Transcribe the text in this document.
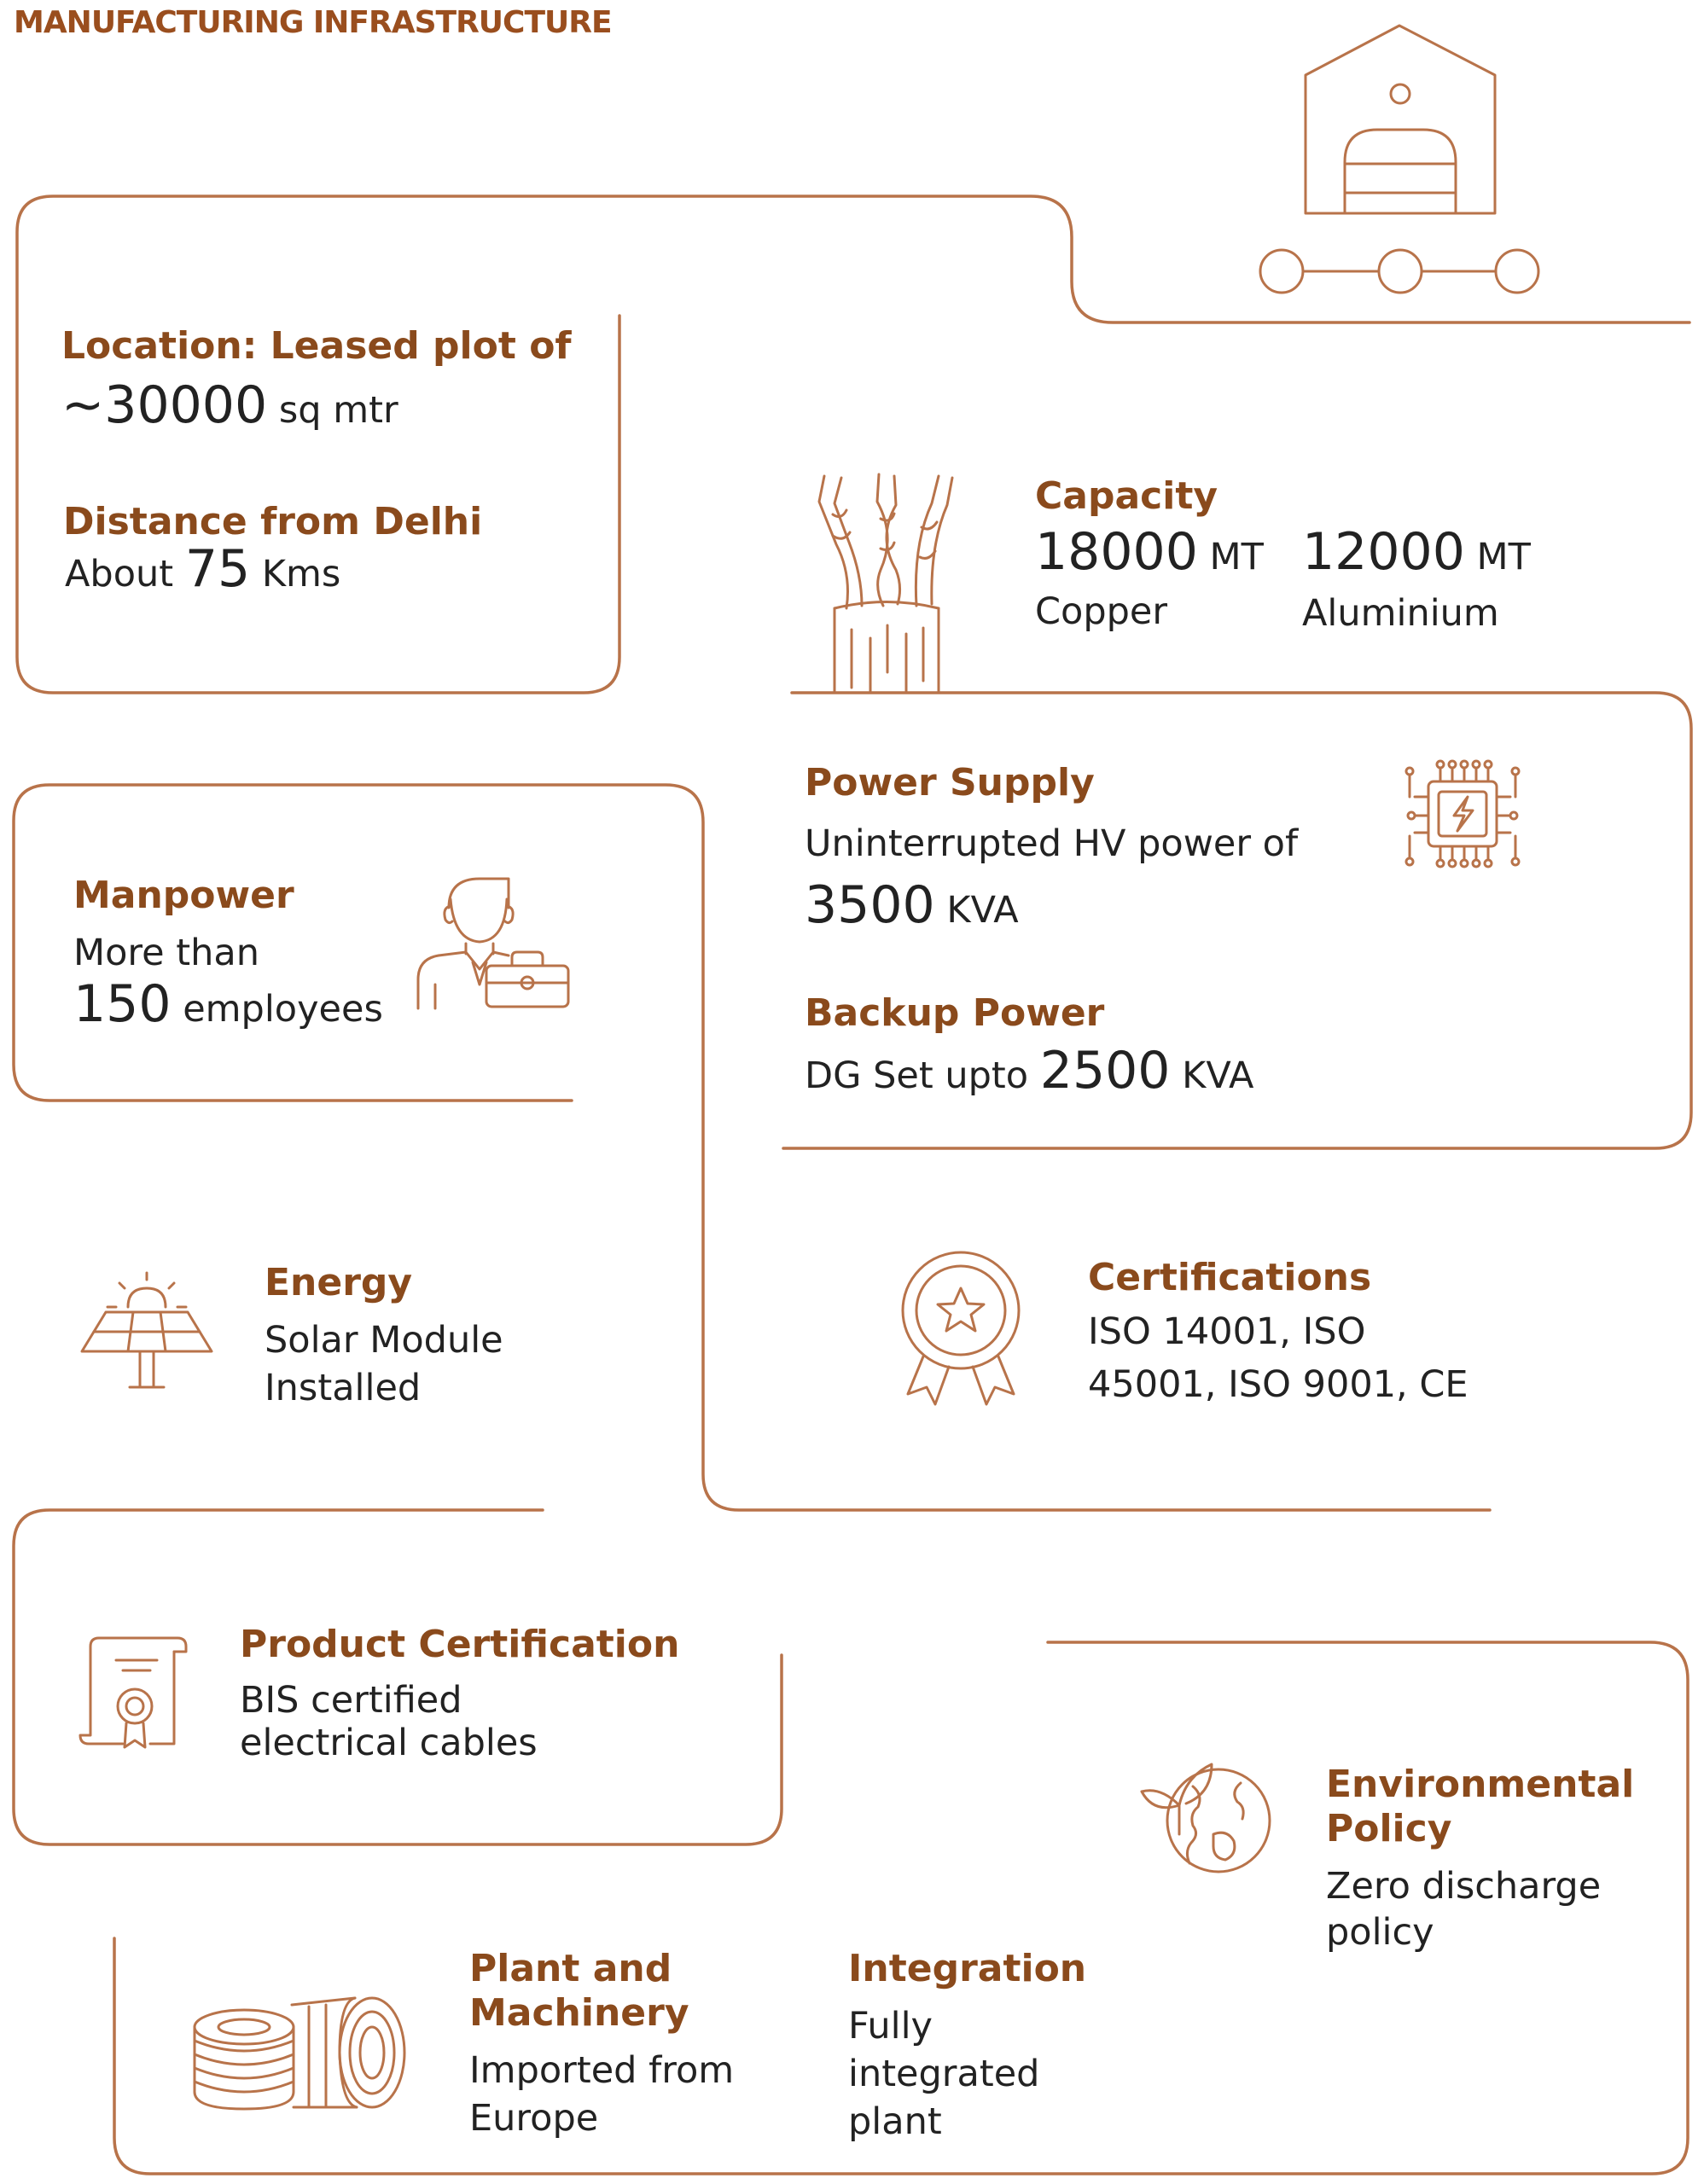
MANUFACTURING INFRASTRUCTURE
Location: Leased plot of
~30000 sq mtr
Distance from Delhi
About 75 Kms
Capacity
18000 MT
Copper
12000 MT
Aluminium
Power Supply
Uninterrupted HV power of
3500 KVA
Backup Power
DG Set upto 2500 KVA
Manpower
More than
150 employees
Energy
Solar Module
Installed
Certifications
ISO 14001, ISO
45001, ISO 9001, CE
Product Certification
BIS certified
electrical cables
Environmental
Policy
Zero discharge
policy
Plant and
Machinery
Imported from
Europe
Integration
Fully
integrated
plant
